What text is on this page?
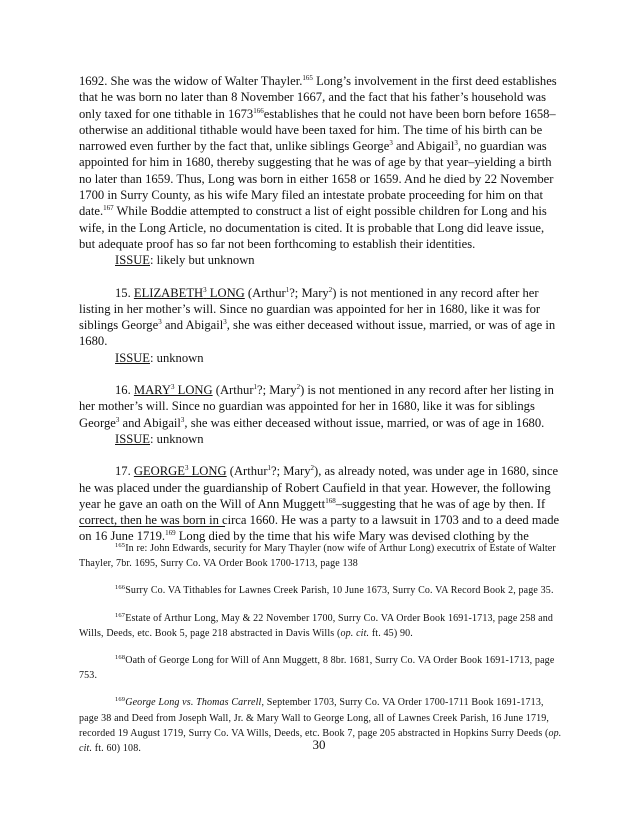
1692. She was the widow of Walter Thayler.$^{165}$ Long’s involvement in the first deed establishes that he was born no later than 8 November 1667, and the fact that his father’s household was only taxed for one tithable in 1673$^{166}$establishes that he could not have been born before 1658–otherwise an additional tithable would have been taxed for him. The time of his birth can be narrowed even further by the fact that, unlike siblings George$^3$ and Abigail$^3$, no guardian was appointed for him in 1680, thereby suggesting that he was of age by that year–yielding a birth no later than 1659. Thus, Long was born in either 1658 or 1659. And he died by 22 November 1700 in Surry County, as his wife Mary filed an intestate probate proceeding for him on that date.$^{167}$ While Boddie attempted to construct a list of eight possible children for Long and his wife, in the Long Article, no documentation is cited. It is probable that Long did leave issue, but adequate proof has so far not been forthcoming to establish their identities.

ISSUE: likely but unknown

15. ELIZABETH$^3$ LONG (Arthur$^1$?; Mary$^2$) is not mentioned in any record after her listing in her mother’s will. Since no guardian was appointed for her in 1680, like it was for siblings George$^3$ and Abigail$^3$, she was either deceased without issue, married, or was of age in 1680.

ISSUE: unknown

16. MARY$^3$ LONG (Arthur$^1$?; Mary$^2$) is not mentioned in any record after her listing in her mother’s will. Since no guardian was appointed for her in 1680, like it was for siblings George$^3$ and Abigail$^3$, she was either deceased without issue, married, or was of age in 1680.

ISSUE: unknown

17. GEORGE$^3$ LONG (Arthur$^1$?; Mary$^2$), as already noted, was under age in 1680, since he was placed under the guardianship of Robert Caufield in that year. However, the following year he gave an oath on the Will of Ann Muggett$^{168}$–suggesting that he was of age by then. If correct, then he was born in circa 1660. He was a party to a lawsuit in 1703 and to a deed made on 16 June 1719.$^{169}$ Long died by the time that his wife Mary was devised clothing by the

$^{165}$In re: John Edwards, security for Mary Thayler (now wife of Arthur Long) executrix of Estate of Walter Thayler, 7br. 1695, Surry Co. VA Order Book 1700-1713, page 138

$^{166}$Surry Co. VA Tithables for Lawnes Creek Parish, 10 June 1673, Surry Co. VA Record Book 2, page 35.

$^{167}$Estate of Arthur Long, May & 22 November 1700, Surry Co. VA Order Book 1691-1713, page 258 and Wills, Deeds, etc. Book 5, page 218 abstracted in Davis Wills (op. cit. ft. 45) 90.

$^{168}$Oath of George Long for Will of Ann Muggett, 8 8br. 1681, Surry Co. VA Order Book 1691-1713, page 753.

$^{169}$George Long vs. Thomas Carrell, September 1703, Surry Co. VA Order 1700-1711 Book 1691-1713, page 38 and Deed from Joseph Wall, Jr. & Mary Wall to George Long, all of Lawnes Creek Parish, 16 June 1719, recorded 19 August 1719, Surry Co. VA Wills, Deeds, etc. Book 7, page 205 abstracted in Hopkins Surry Deeds (op. cit. ft. 60) 108.	30
